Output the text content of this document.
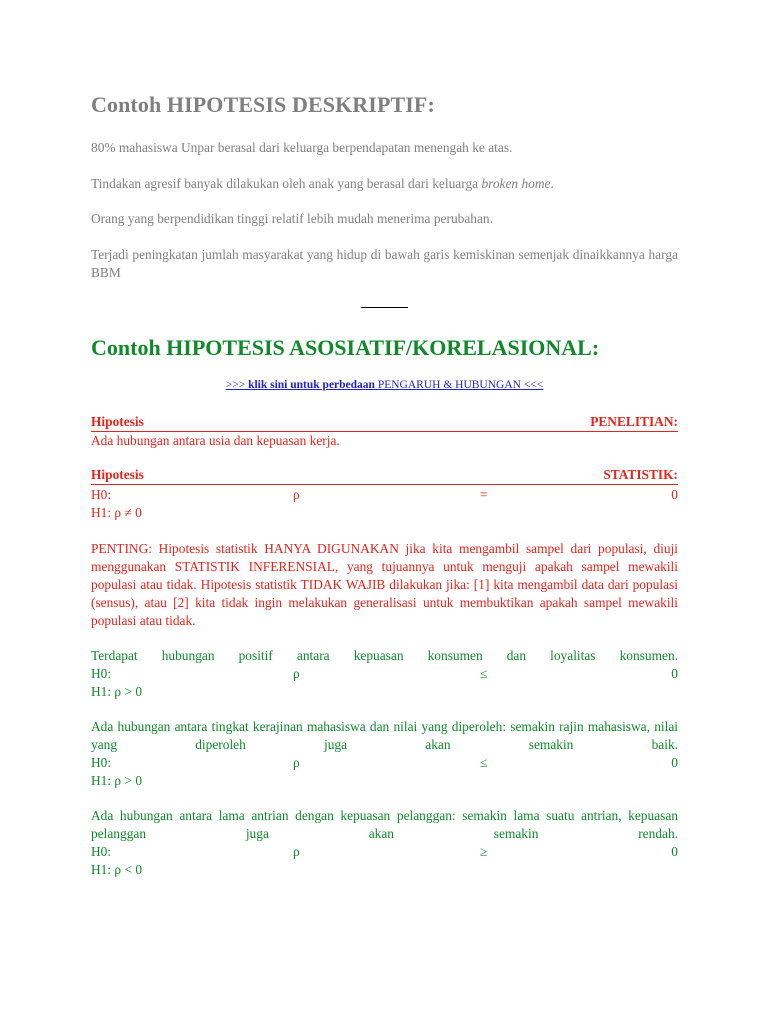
Contoh HIPOTESIS DESKRIPTIF:

80% mahasiswa Unpar berasal dari keluarga berpendapatan menengah ke atas.

Tindakan agresif banyak dilakukan oleh anak yang berasal dari keluarga broken home.

Orang yang berpendidikan tinggi relatif lebih mudah menerima perubahan.

Terjadi peningkatan jumlah masyarakat yang hidup di bawah garis kemiskinan semenjak dinaikkannya harga BBM

Contoh HIPOTESIS ASOSIATIF/KORELASIONAL:
>>> klik sini untuk perbedaan PENGARUH & HUBUNGAN <<<
Hipotesis	PENELITIAN:

Ada hubungan antara usia dan kepuasan kerja.

Hipotesis	STATISTIK:
H0:	ρ	=	0

H1: ρ ≠ 0

PENTING: Hipotesis statistik HANYA DIGUNAKAN jika kita mengambil sampel dari populasi, diuji menggunakan STATISTIK INFERENSIAL, yang tujuannya untuk menguji apakah sampel mewakili populasi atau tidak. Hipotesis statistik TIDAK WAJIB dilakukan jika: [1] kita mengambil data dari populasi (sensus), atau [2] kita tidak ingin melakukan generalisasi untuk membuktikan apakah sampel mewakili populasi atau tidak.

Terdapat hubungan positif antara kepuasan konsumen dan loyalitas konsumen.

H0:	ρ	≤	0

H1: ρ > 0

Ada hubungan antara tingkat kerajinan mahasiswa dan nilai yang diperoleh: semakin rajin mahasiswa, nilai yang diperoleh juga akan semakin baik.

H0:	ρ	≤	0

H1: ρ > 0

Ada hubungan antara lama antrian dengan kepuasan pelanggan: semakin lama suatu antrian, kepuasan pelanggan juga akan semakin rendah.

H0:	ρ	≥	0

H1: ρ < 0
